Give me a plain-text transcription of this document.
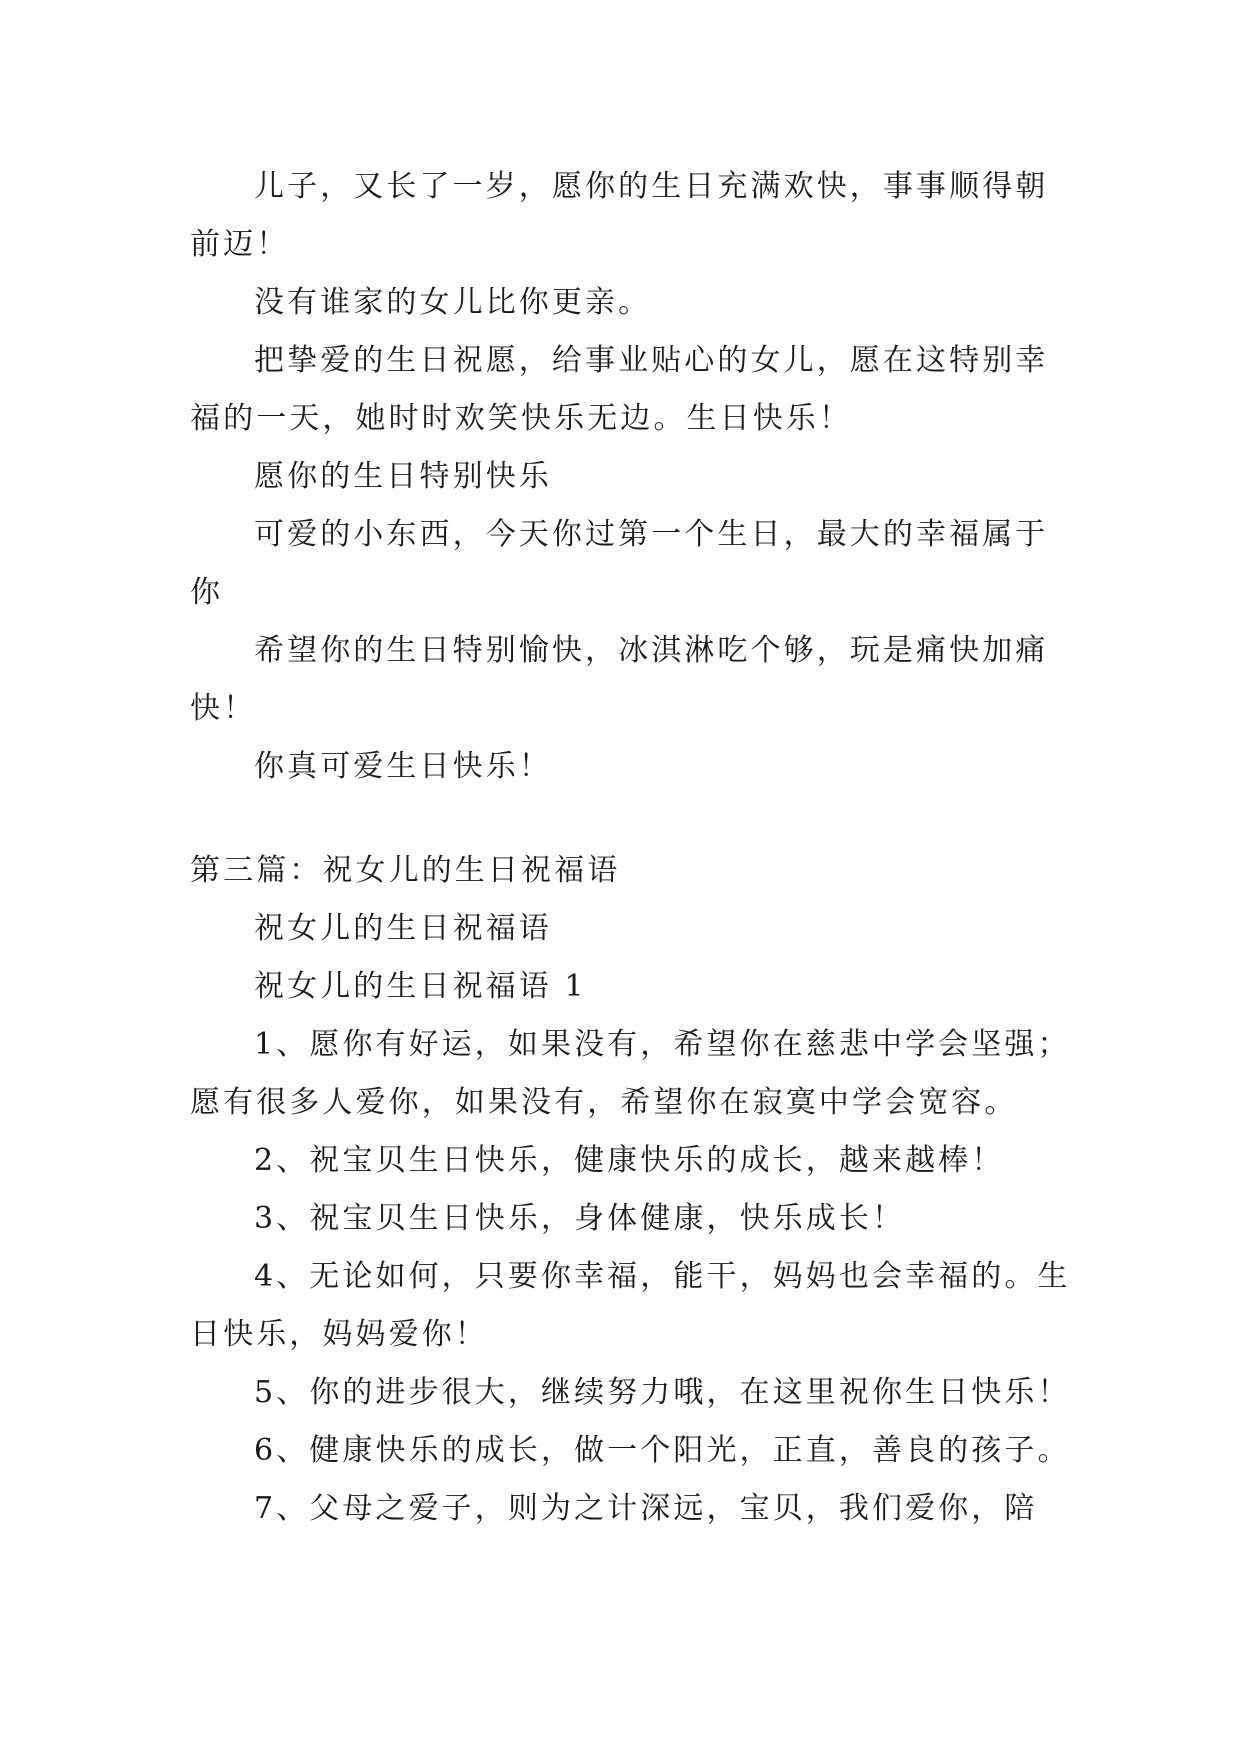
儿子，又长了一岁，愿你的生日充满欢快，事事顺得朝前迈！

没有谁家的女儿比你更亲。

把挚爱的生日祝愿，给事业贴心的女儿，愿在这特别幸福的一天，她时时欢笑快乐无边。生日快乐！

愿你的生日特别快乐

可爱的小东西，今天你过第一个生日，最大的幸福属于你

希望你的生日特别愉快，冰淇淋吃个够，玩是痛快加痛快！

你真可爱生日快乐！

第三篇：祝女儿的生日祝福语

祝女儿的生日祝福语

祝女儿的生日祝福语 1

1、愿你有好运，如果没有，希望你在慈悲中学会坚强；愿有很多人爱你，如果没有，希望你在寂寞中学会宽容。

2、祝宝贝生日快乐，健康快乐的成长，越来越棒！

3、祝宝贝生日快乐，身体健康，快乐成长！

4、无论如何，只要你幸福，能干，妈妈也会幸福的。生日快乐，妈妈爱你！

5、你的进步很大，继续努力哦，在这里祝你生日快乐！

6、健康快乐的成长，做一个阳光，正直，善良的孩子。

7、父母之爱子，则为之计深远，宝贝，我们爱你，陪
